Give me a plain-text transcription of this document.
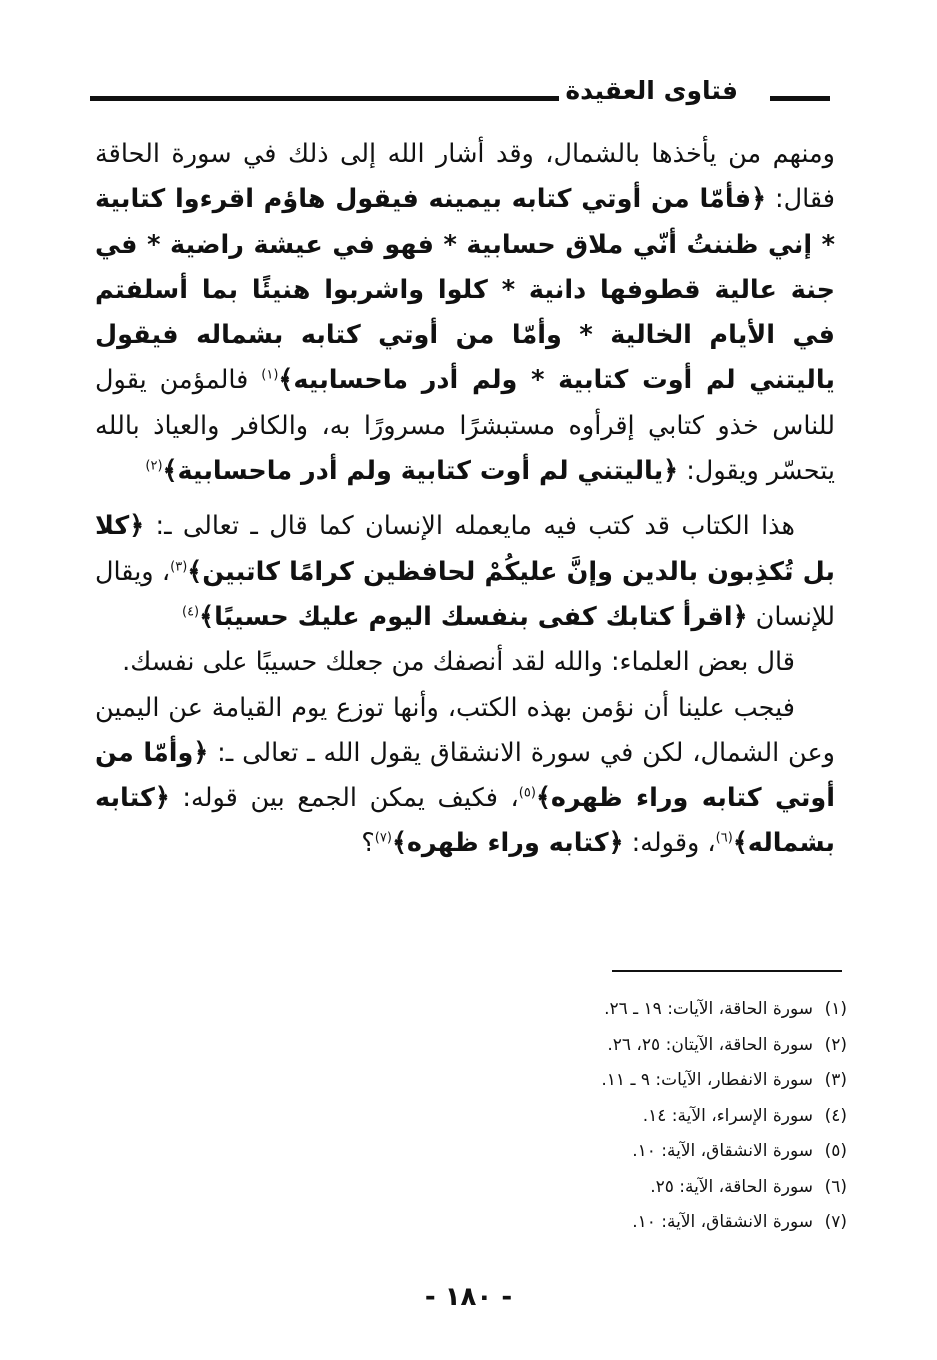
فتاوى العقيدة

ومنهم من يأخذها بالشمال، وقد أشار الله إلى ذلك في سورة الحاقة فقال: ﴿فأمّا من أوتي كتابه بيمينه فيقول هاؤم اقرءوا كتابية * إني ظننتُ أنّي ملاق حسابية * فهو في عيشة راضية * في جنة عالية قطوفها دانية * كلوا واشربوا هنيئًا بما أسلفتم في الأيام الخالية * وأمّا من أوتي كتابه بشماله فيقول ياليتني لم أوت كتابية * ولم أدر ماحسابيه﴾$^{(١)}$ فالمؤمن يقول للناس خذو كتابي إقرأوه مستبشرًا مسرورًا به، والكافر والعياذ بالله يتحسّر ويقول: ﴿ياليتني لم أوت كتابية ولم أدر ماحسابية﴾$^{(٢)}$

هذا الكتاب قد كتب فيه مايعمله الإنسان كما قال ـ تعالى ـ: ﴿كلا بل تُكذِبون بالدين وإنَّ عليكُمْ لحافظين كرامًا كاتبين﴾$^{(٣)}$، ويقال للإنسان ﴿اقرأ كتابك كفى بنفسك اليوم عليك حسيبًا﴾$^{(٤)}$

قال بعض العلماء: والله لقد أنصفك من جعلك حسيبًا على نفسك.

فيجب علينا أن نؤمن بهذه الكتب، وأنها توزع يوم القيامة عن اليمين وعن الشمال، لكن في سورة الانشقاق يقول الله ـ تعالى ـ: ﴿وأمّا من أوتي كتابه وراء ظهره﴾$^{(٥)}$، فكيف يمكن الجمع بين قوله: ﴿كتابه بشماله﴾$^{(٦)}$، وقوله: ﴿كتابه وراء ظهره﴾$^{(٧)}$؟

(١)سورة الحاقة، الآيات: ١٩ ـ ٢٦.
(٢)سورة الحاقة، الآيتان: ٢٥، ٢٦.
(٣)سورة الانفطار، الآيات: ٩ ـ ١١.
(٤)سورة الإسراء، الآية: ١٤.
(٥)سورة الانشقاق، الآية: ١٠.
(٦)سورة الحاقة، الآية: ٢٥.
(٧)سورة الانشقاق، الآية: ١٠.
- ١٨٠ -
